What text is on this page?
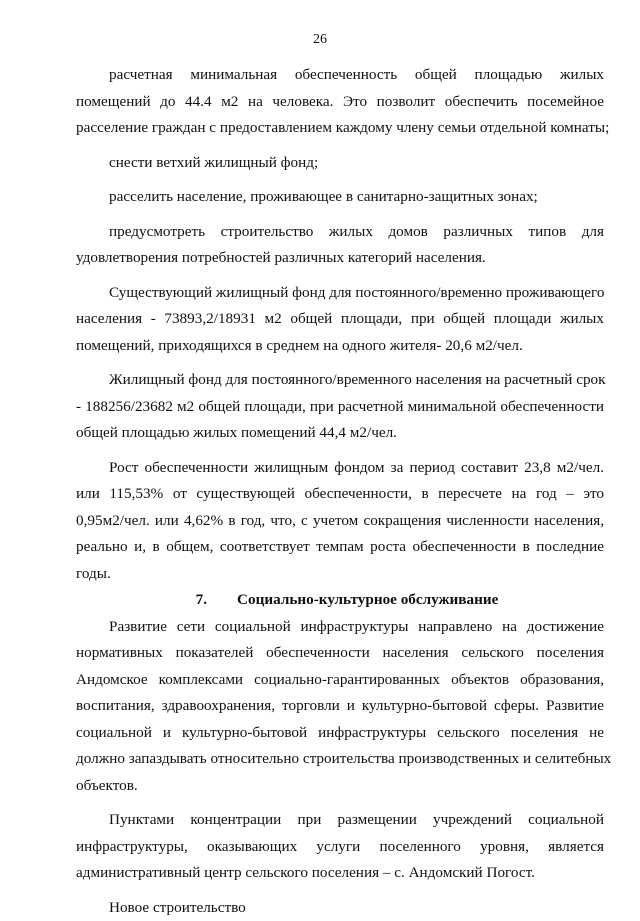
26
расчетная минимальная обеспеченность общей площадью жилых
помещений до 44.4 м2 на человека. Это позволит обеспечить посемейное
расселение граждан с предоставлением каждому члену семьи отдельной комнаты;
снести ветхий жилищный фонд;
расселить население, проживающее в санитарно-защитных зонах;
предусмотреть строительство жилых домов различных типов для
удовлетворения потребностей различных категорий населения.
Существующий жилищный фонд для постоянного/временно проживающего
населения - 73893,2/18931 м2 общей площади, при общей площади жилых
помещений, приходящихся в среднем на одного жителя- 20,6 м2/чел.
Жилищный фонд для постоянного/временного населения на расчетный срок
- 188256/23682 м2 общей площади, при расчетной минимальной обеспеченности
общей площадью жилых помещений 44,4 м2/чел.
Рост обеспеченности жилищным фондом за период составит 23,8 м2/чел.
или 115,53% от существующей обеспеченности, в пересчете на год – это
0,95м2/чел. или 4,62% в год, что, с учетом сокращения численности населения,
реально и, в общем, соответствует темпам роста обеспеченности в последние
годы.
7. Социально-культурное обслуживание
Развитие сети социальной инфраструктуры направлено на достижение
нормативных показателей обеспеченности населения сельского поселения
Андомское комплексами социально-гарантированных объектов образования,
воспитания, здравоохранения, торговли и культурно-бытовой сферы. Развитие
социальной и культурно-бытовой инфраструктуры сельского поселения не
должно запаздывать относительно строительства производственных и селитебных
объектов.
Пунктами концентрации при размещении учреждений социальной
инфраструктуры, оказывающих услуги поселенного уровня, является
административный центр сельского поселения – с. Андомский Погост.
Новое строительство
